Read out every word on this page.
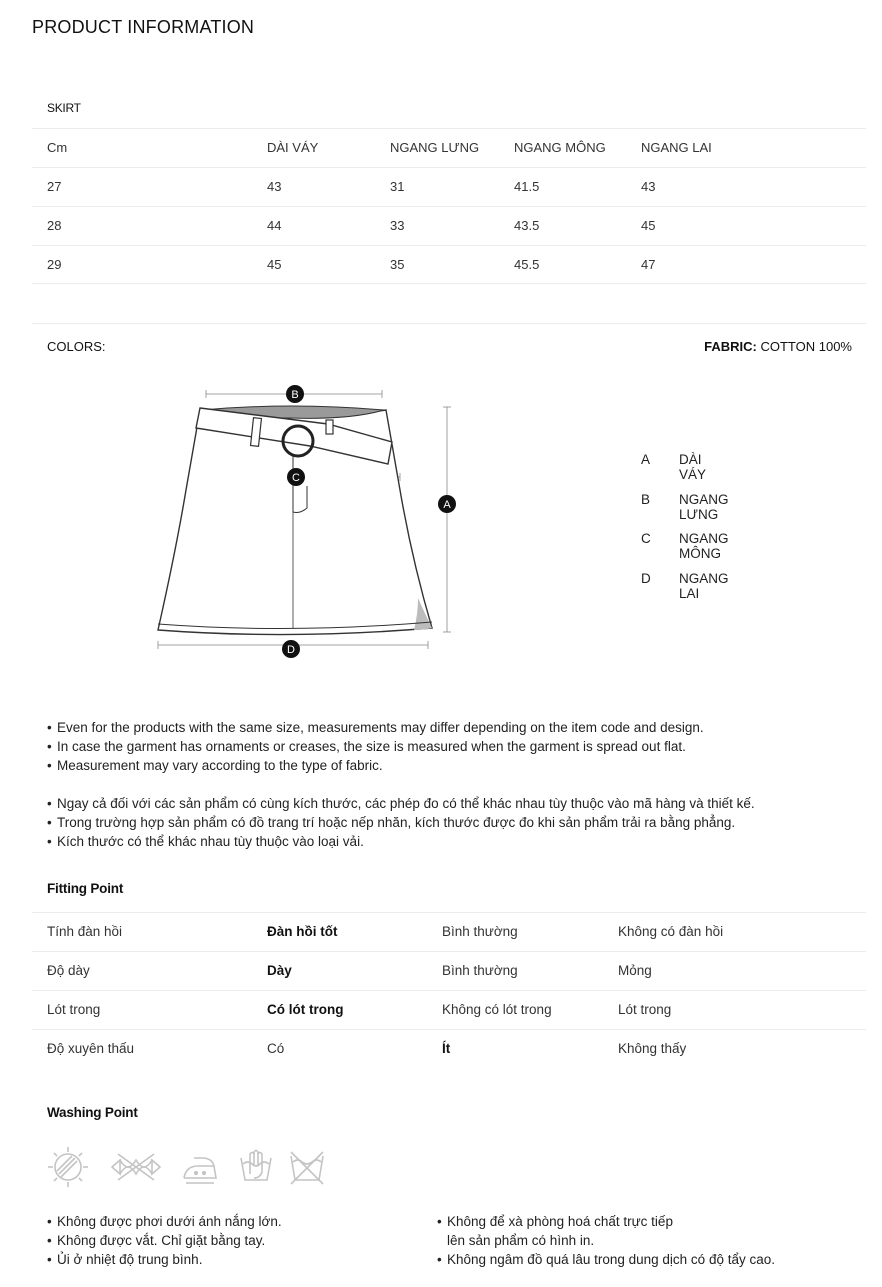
PRODUCT INFORMATION
SKIRT
Cm	DÀI VÁY	NGANG LƯNG	NGANG MÔNG	NGANG LAI
27	43	31	41.5	43
28	44	33	43.5	45
29	45	35	45.5	47
COLORS:	FABRIC: COTTON 100%
B
C
A
D
A DÀI VÁY
B NGANG LƯNG
C NGANG MÔNG
D NGANG LAI
• Even for the products with the same size, measurements may differ depending on the item code and design.
• In case the garment has ornaments or creases, the size is measured when the garment is spread out flat.
• Measurement may vary according to the type of fabric.
• Ngay cả đối với các sản phẩm có cùng kích thước, các phép đo có thể khác nhau tùy thuộc vào mã hàng và thiết kế.
• Trong trường hợp sản phẩm có đồ trang trí hoặc nếp nhăn, kích thước được đo khi sản phẩm trải ra bằng phẳng.
• Kích thước có thể khác nhau tùy thuộc vào loại vải.
Fitting Point
Tính đàn hồi	Đàn hồi tốt	Bình thường	Không có đàn hồi
Độ dày	Dày	Bình thường	Mỏng
Lót trong	Có lót trong	Không có lót trong	Lót trong
Độ xuyên thấu	Có	Ít	Không thấy
Washing Point
• Không được phơi dưới ánh nắng lớn.
• Không được vắt. Chỉ giặt bằng tay.
• Ủi ở nhiệt độ trung bình.
• Không để xà phòng hoá chất trực tiếp
lên sản phẩm có hình in.
• Không ngâm đồ quá lâu trong dung dịch có độ tẩy cao.
